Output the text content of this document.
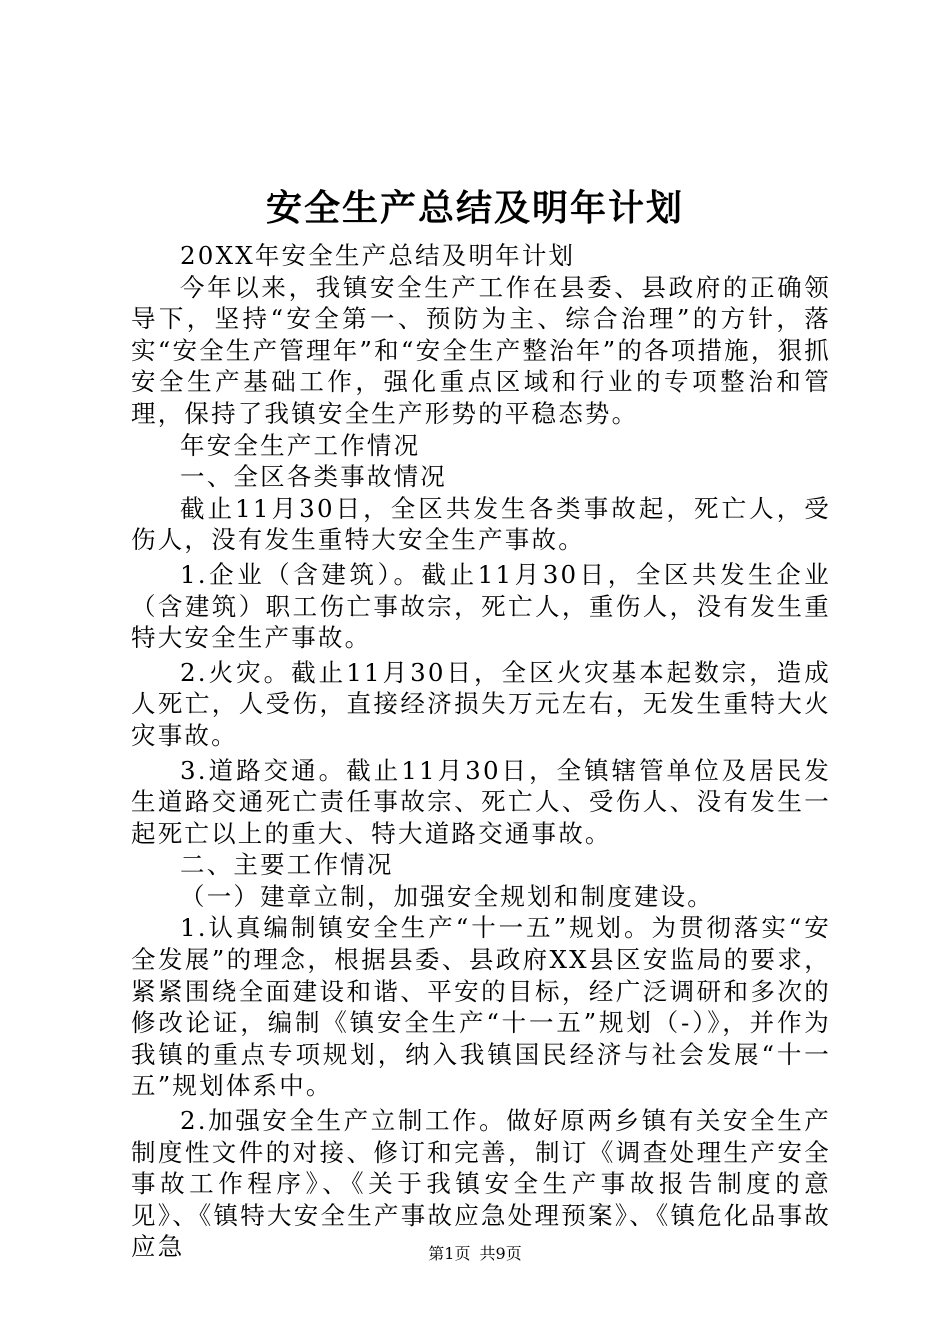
安全生产总结及明年计划

20XX年安全生产总结及明年计划

今年以来，我镇安全生产工作在县委、县政府的正确领导下，坚持“安全第一、预防为主、综合治理”的方针，落实“安全生产管理年”和“安全生产整治年”的各项措施，狠抓安全生产基础工作，强化重点区域和行业的专项整治和管理，保持了我镇安全生产形势的平稳态势。

年安全生产工作情况

一、全区各类事故情况

截止11月30日，全区共发生各类事故起，死亡人，受伤人，没有发生重特大安全生产事故。

1.企业（含建筑）。截止11月30日，全区共发生企业（含建筑）职工伤亡事故宗，死亡人，重伤人，没有发生重特大安全生产事故。

2.火灾。截止11月30日，全区火灾基本起数宗，造成人死亡，人受伤，直接经济损失万元左右，无发生重特大火灾事故。

3.道路交通。截止11月30日，全镇辖管单位及居民发生道路交通死亡责任事故宗、死亡人、受伤人、没有发生一起死亡以上的重大、特大道路交通事故。

二、主要工作情况

（一）建章立制，加强安全规划和制度建设。

1.认真编制镇安全生产“十一五”规划。为贯彻落实“安全发展”的理念，根据县委、县政府XX县区安监局的要求，紧紧围绕全面建设和谐、平安的目标，经广泛调研和多次的修改论证，编制《镇安全生产“十一五”规划（-）》，并作为我镇的重点专项规划，纳入我镇国民经济与社会发展“十一五”规划体系中。

2.加强安全生产立制工作。做好原两乡镇有关安全生产制度性文件的对接、修订和完善，制订《调查处理生产安全事故工作程序》、《关于我镇安全生产事故报告制度的意见》、《镇特大安全生产事故应急处理预案》、《镇危化品事故应急	第1页 共9页
